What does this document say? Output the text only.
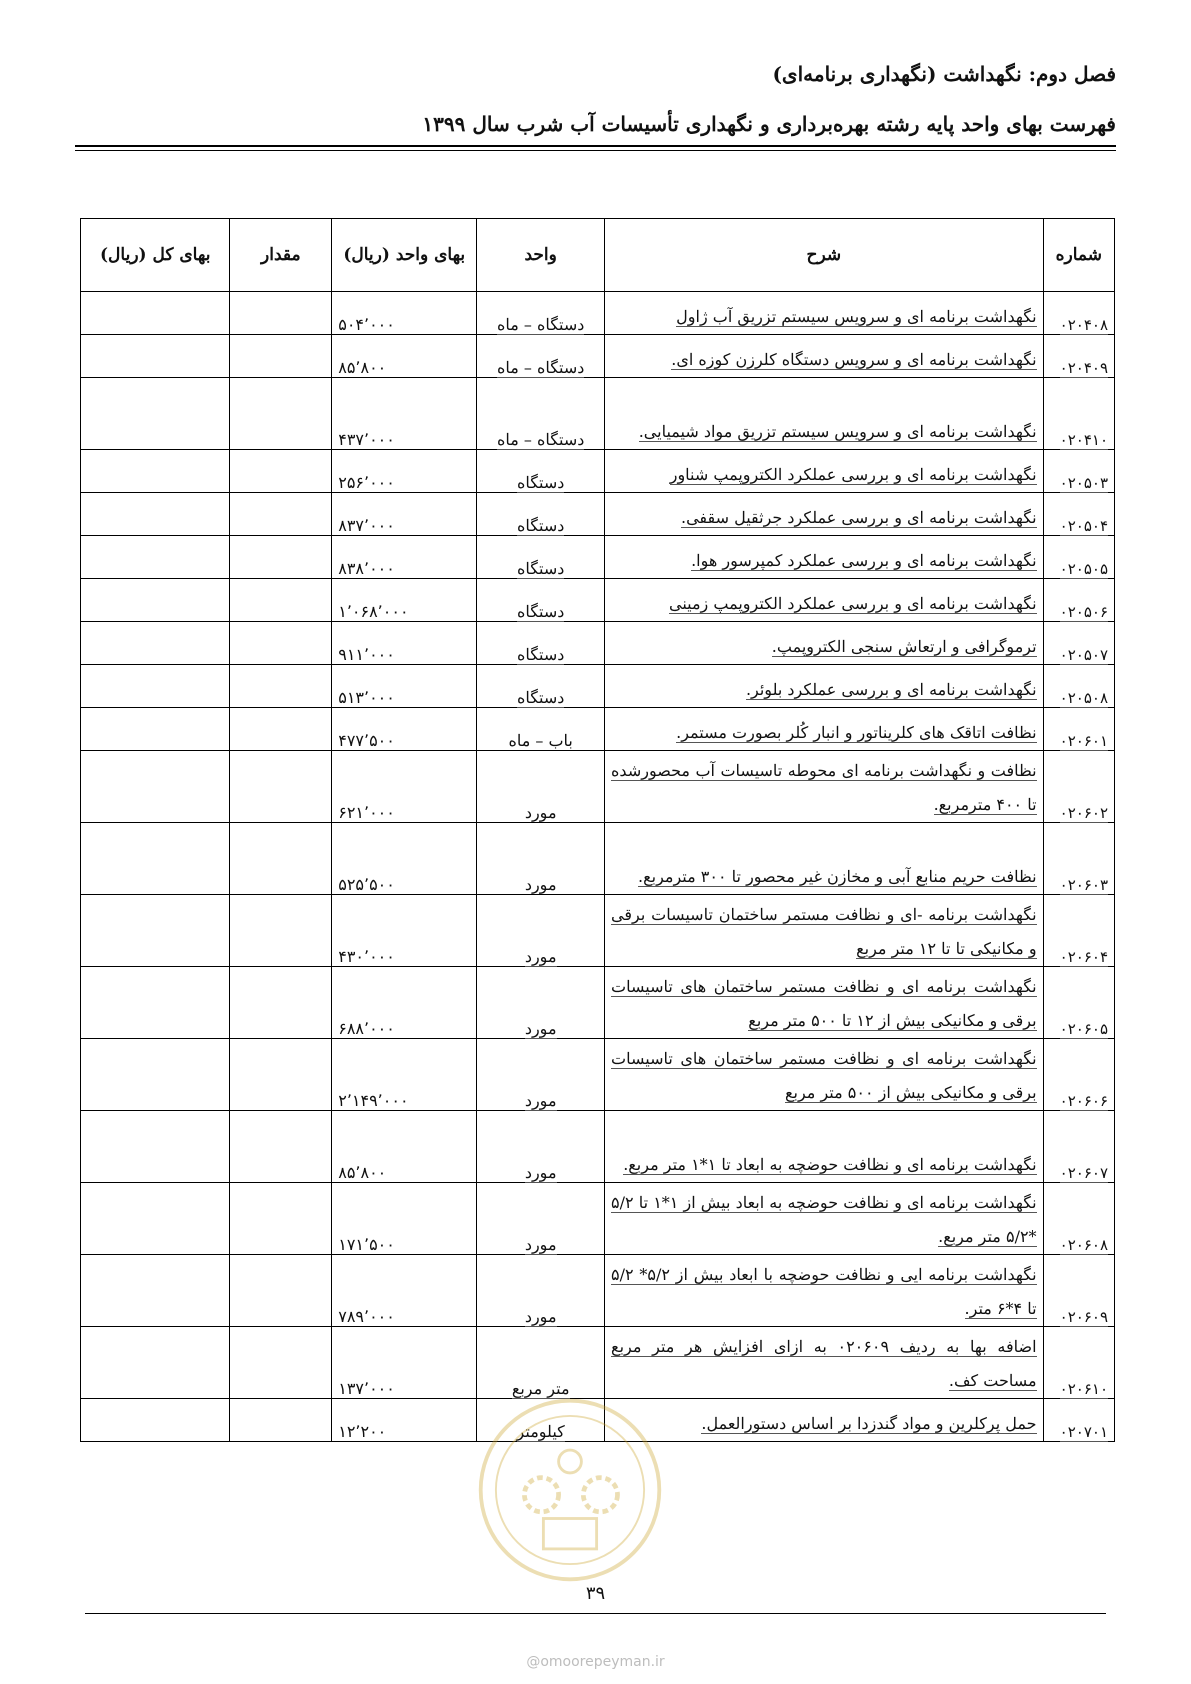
فصل دوم: نگهداشت (نگهداری برنامه‌ای)
فهرست بهای واحد پایه رشته بهره‌برداری و نگهداری تأسیسات آب شرب سال ۱۳۹۹
شماره	شرح	واحد	بهای واحد (ریال)	مقدار	بهای کل (ریال)
۰۲۰۴۰۸	نگهداشت برنامه ای و سرویس سیستم تزریق آب ژاول	دستگاه – ماه	۵۰۴٬۰۰۰		
۰۲۰۴۰۹	نگهداشت برنامه ای و سرویس دستگاه کلرزن کوزه ای.	دستگاه – ماه	۸۵٬۸۰۰		
۰۲۰۴۱۰	نگهداشت برنامه ای و سرویس سیستم تزریق مواد شیمیایی.	دستگاه – ماه	۴۳۷٬۰۰۰		
۰۲۰۵۰۳	نگهداشت برنامه ای و بررسی عملکرد الکتروپمپ شناور	دستگاه	۲۵۶٬۰۰۰		
۰۲۰۵۰۴	نگهداشت برنامه ای و بررسی عملکرد جرثقیل سقفی.	دستگاه	۸۳۷٬۰۰۰		
۰۲۰۵۰۵	نگهداشت برنامه ای و بررسی عملکرد کمپرسور هوا.	دستگاه	۸۳۸٬۰۰۰		
۰۲۰۵۰۶	نگهداشت برنامه ای و بررسی عملکرد الکتروپمپ زمینی	دستگاه	۱٬۰۶۸٬۰۰۰		
۰۲۰۵۰۷	ترموگرافی و ارتعاش سنجی الکتروپمپ.	دستگاه	۹۱۱٬۰۰۰		
۰۲۰۵۰۸	نگهداشت برنامه ای و بررسی عملکرد بلوئر.	دستگاه	۵۱۳٬۰۰۰		
۰۲۰۶۰۱	نظافت اتاقک های کلریناتور و انبار کُلر بصورت مستمر.	باب – ماه	۴۷۷٬۵۰۰		
۰۲۰۶۰۲	نظافت و نگهداشت برنامه ای محوطه تاسیسات آب محصورشده تا ۴۰۰ مترمربع.	مورد	۶۲۱٬۰۰۰		
۰۲۰۶۰۳	نظافت حریم منابع آبی و مخازن غیر محصور تا ۳۰۰ مترمربع.	مورد	۵۲۵٬۵۰۰		
۰۲۰۶۰۴	نگهداشت برنامه -ای و نظافت مستمر ساختمان تاسیسات برقی و مکانیکی تا تا ۱۲ متر مربع	مورد	۴۳۰٬۰۰۰		
۰۲۰۶۰۵	نگهداشت برنامه ای و نظافت مستمر ساختمان های تاسیسات برقی و مکانیکی بیش از ۱۲ تا ۵۰۰ متر مربع	مورد	۶۸۸٬۰۰۰		
۰۲۰۶۰۶	نگهداشت برنامه ای و نظافت مستمر ساختمان های تاسیسات برقی و مکانیکی بیش از ۵۰۰ متر مربع	مورد	۲٬۱۴۹٬۰۰۰		
۰۲۰۶۰۷	نگهداشت برنامه ای و نظافت حوضچه به ابعاد تا ۱*۱ متر مربع.	مورد	۸۵٬۸۰۰		
۰۲۰۶۰۸	نگهداشت برنامه ای و نظافت حوضچه به ابعاد بیش از ۱*۱ تا ۵/۲ *۵/۲ متر مربع.	مورد	۱۷۱٬۵۰۰		
۰۲۰۶۰۹	نگهداشت برنامه ایی و نظافت حوضچه با ابعاد بیش از ۵/۲* ۵/۲ تا ۴*۶ متر.	مورد	۷۸۹٬۰۰۰		
۰۲۰۶۱۰	اضافه بها به ردیف ۰۲۰۶۰۹ به ازای افزایش هر متر مربع مساحت کف.	متر مربع	۱۳۷٬۰۰۰		
۰۲۰۷۰۱	حمل پرکلرین و مواد گندزدا بر اساس دستورالعمل.	کیلومتر	۱۲٬۲۰۰		
۳۹
@omoorepeyman.ir
